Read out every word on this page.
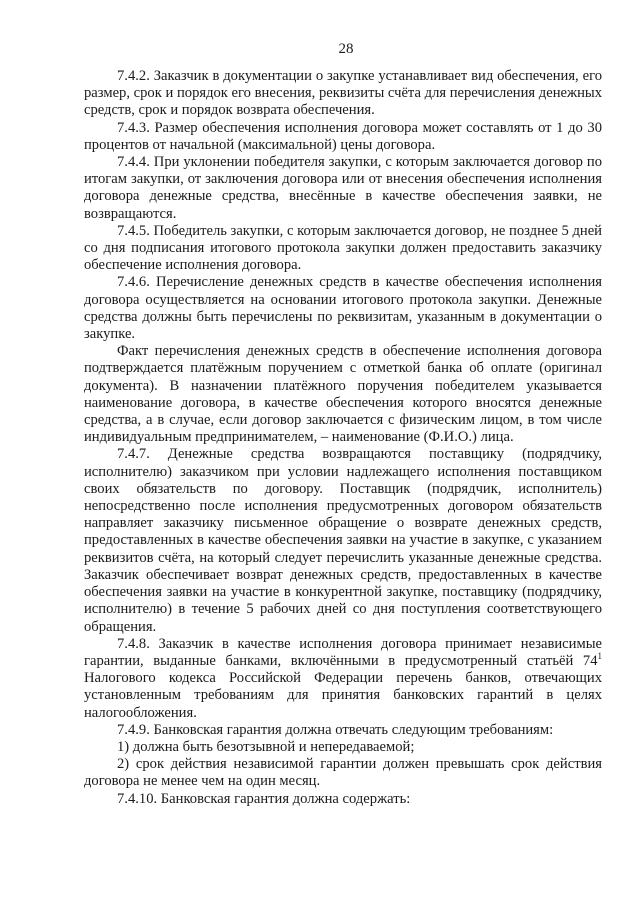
28

7.4.2. Заказчик в документации о закупке устанавливает вид обеспечения, его размер, срок и порядок его внесения, реквизиты счёта для перечисления денежных средств, срок и порядок возврата обеспечения.

7.4.3. Размер обеспечения исполнения договора может составлять от 1 до 30 процентов от начальной (максимальной) цены договора.

7.4.4. При уклонении победителя закупки, с которым заключается договор по итогам закупки, от заключения договора или от внесения обеспечения исполнения договора денежные средства, внесённые в качестве обеспечения заявки, не возвращаются.

7.4.5. Победитель закупки, с которым заключается договор, не позднее 5 дней со дня подписания итогового протокола закупки должен предоставить заказчику обеспечение исполнения договора.

7.4.6. Перечисление денежных средств в качестве обеспечения исполнения договора осуществляется на основании итогового протокола закупки. Денежные средства должны быть перечислены по реквизитам, указанным в документации о закупке.

Факт перечисления денежных средств в обеспечение исполнения договора подтверждается платёжным поручением с отметкой банка об оплате (оригинал документа). В назначении платёжного поручения победителем указывается наименование договора, в качестве обеспечения которого вносятся денежные средства, а в случае, если договор заключается с физическим лицом, в том числе индивидуальным предпринимателем, – наименование (Ф.И.О.) лица.

7.4.7. Денежные средства возвращаются поставщику (подрядчику, исполнителю) заказчиком при условии надлежащего исполнения поставщиком своих обязательств по договору. Поставщик (подрядчик, исполнитель) непосредственно после исполнения предусмотренных договором обязательств направляет заказчику письменное обращение о возврате денежных средств, предоставленных в качестве обеспечения заявки на участие в закупке, с указанием реквизитов счёта, на который следует перечислить указанные денежные средства. Заказчик обеспечивает возврат денежных средств, предоставленных в качестве обеспечения заявки на участие в конкурентной закупке, поставщику (подрядчику, исполнителю) в течение 5 рабочих дней со дня поступления соответствующего обращения.

7.4.8. Заказчик в качестве исполнения договора принимает независимые гарантии, выданные банками, включёнными в предусмотренный статьёй $74^1$ Налогового кодекса Российской Федерации перечень банков, отвечающих установленным требованиям для принятия банковских гарантий в целях налогообложения.

7.4.9. Банковская гарантия должна отвечать следующим требованиям:

1) должна быть безотзывной и непередаваемой;

2) срок действия независимой гарантии должен превышать срок действия договора не менее чем на один месяц.

7.4.10. Банковская гарантия должна содержать:
